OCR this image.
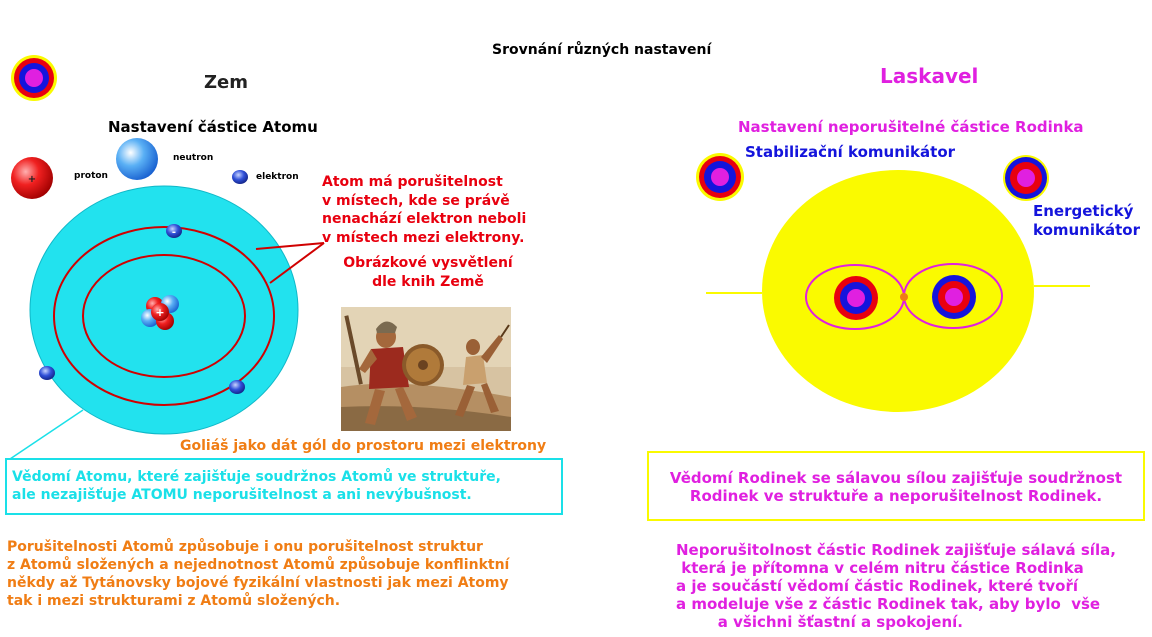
+
+
-
Srovnání různých nastavení
Zem
Nastavení částice Atomu
proton
neutron
elektron Atom má porušitelnost
v místech, kde se právě
nenachází elektron neboli
v místech mezi elektrony.
Obrázkové vysvětlení
dle knih Země
Goliáš jako dát gól do prostoru mezi elektrony
Vědomí Atomu, které zajišťuje soudržnos Atomů ve struktuře,
ale nezajišťuje ATOMU neporušitelnost a ani nevýbušnost.
Porušitelnosti Atomů způsobuje i onu porušitelnost struktur
z Atomů složených a nejednotnost Atomů způsobuje konflinktní
někdy až Tytánovsky bojové fyzikální vlastnosti jak mezi Atomy
tak i mezi strukturami z Atomů složených.
Laskavel
Nastavení neporušitelné částice Rodinka
Stabilizační komunikátor
Energetický
komunikátor
Vědomí Rodinek se sálavou sílou zajišťuje soudržnost
Rodinek ve struktuře a neporušitelnost Rodinek.
Neporušitolnost částic Rodinek zajišťuje sálavá síla,
která je přítomna v celém nitru částice Rodinka
a je součástí vědomí částic Rodinek, které tvoří
a modeluje vše z částic Rodinek tak, aby bylo  vše
a všichni šťastní a spokojení.
